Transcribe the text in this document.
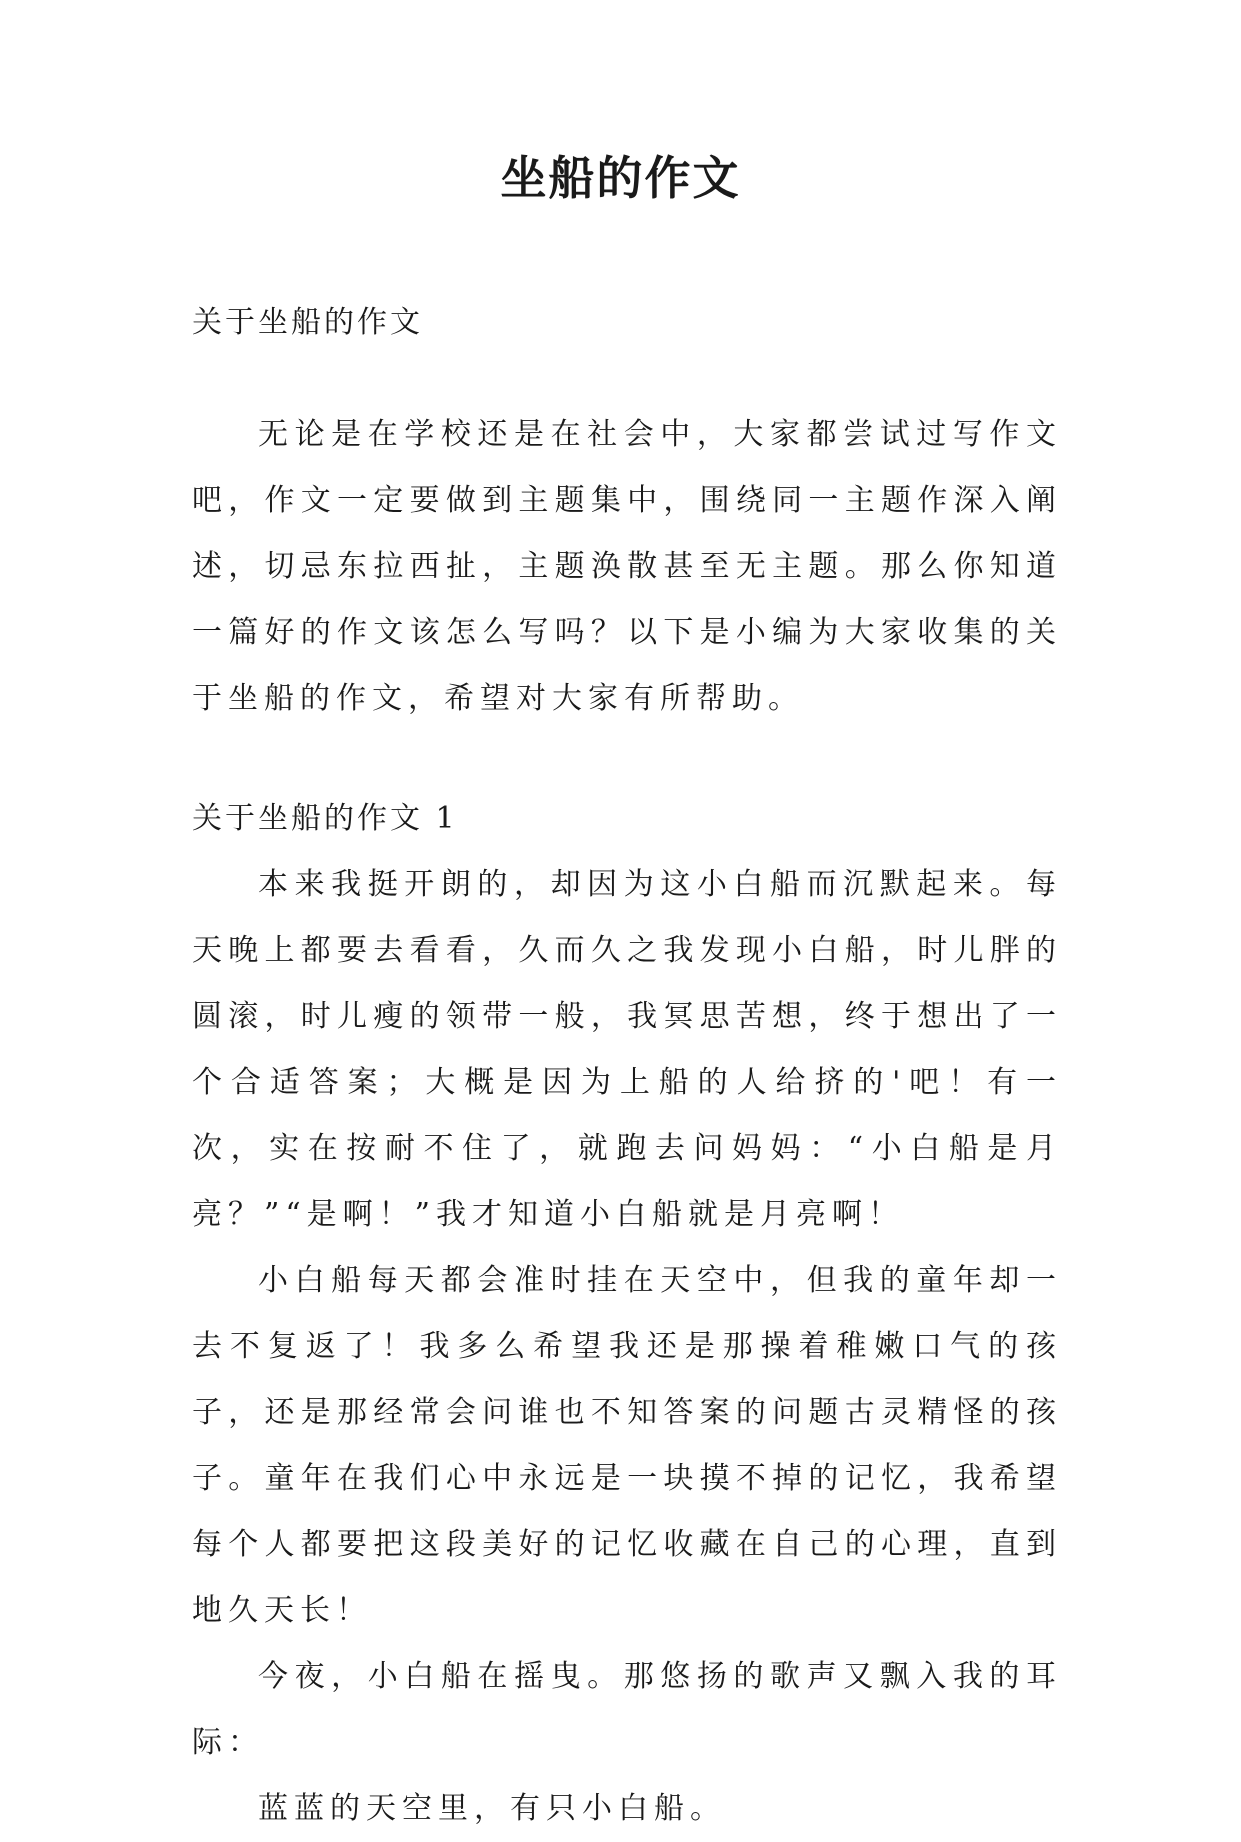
坐船的作文

关于坐船的作文

无论是在学校还是在社会中，大家都尝试过写作文吧，作文一定要做到主题集中，围绕同一主题作深入阐述，切忌东拉西扯，主题涣散甚至无主题。那么你知道一篇好的作文该怎么写吗？以下是小编为大家收集的关于坐船的作文，希望对大家有所帮助。

关于坐船的作文 1

本来我挺开朗的，却因为这小白船而沉默起来。每天晚上都要去看看，久而久之我发现小白船，时儿胖的圆滚，时儿瘦的领带一般，我冥思苦想，终于想出了一个合适答案；大概是因为上船的人给挤的'吧！有一次，实在按耐不住了，就跑去问妈妈：“小白船是月亮？”“是啊！”我才知道小白船就是月亮啊！

小白船每天都会准时挂在天空中，但我的童年却一去不复返了！我多么希望我还是那操着稚嫩口气的孩子，还是那经常会问谁也不知答案的问题古灵精怪的孩子。童年在我们心中永远是一块摸不掉的记忆，我希望每个人都要把这段美好的记忆收藏在自己的心理，直到地久天长！

今夜，小白船在摇曳。那悠扬的歌声又飘入我的耳际：

蓝蓝的天空里，有只小白船。
